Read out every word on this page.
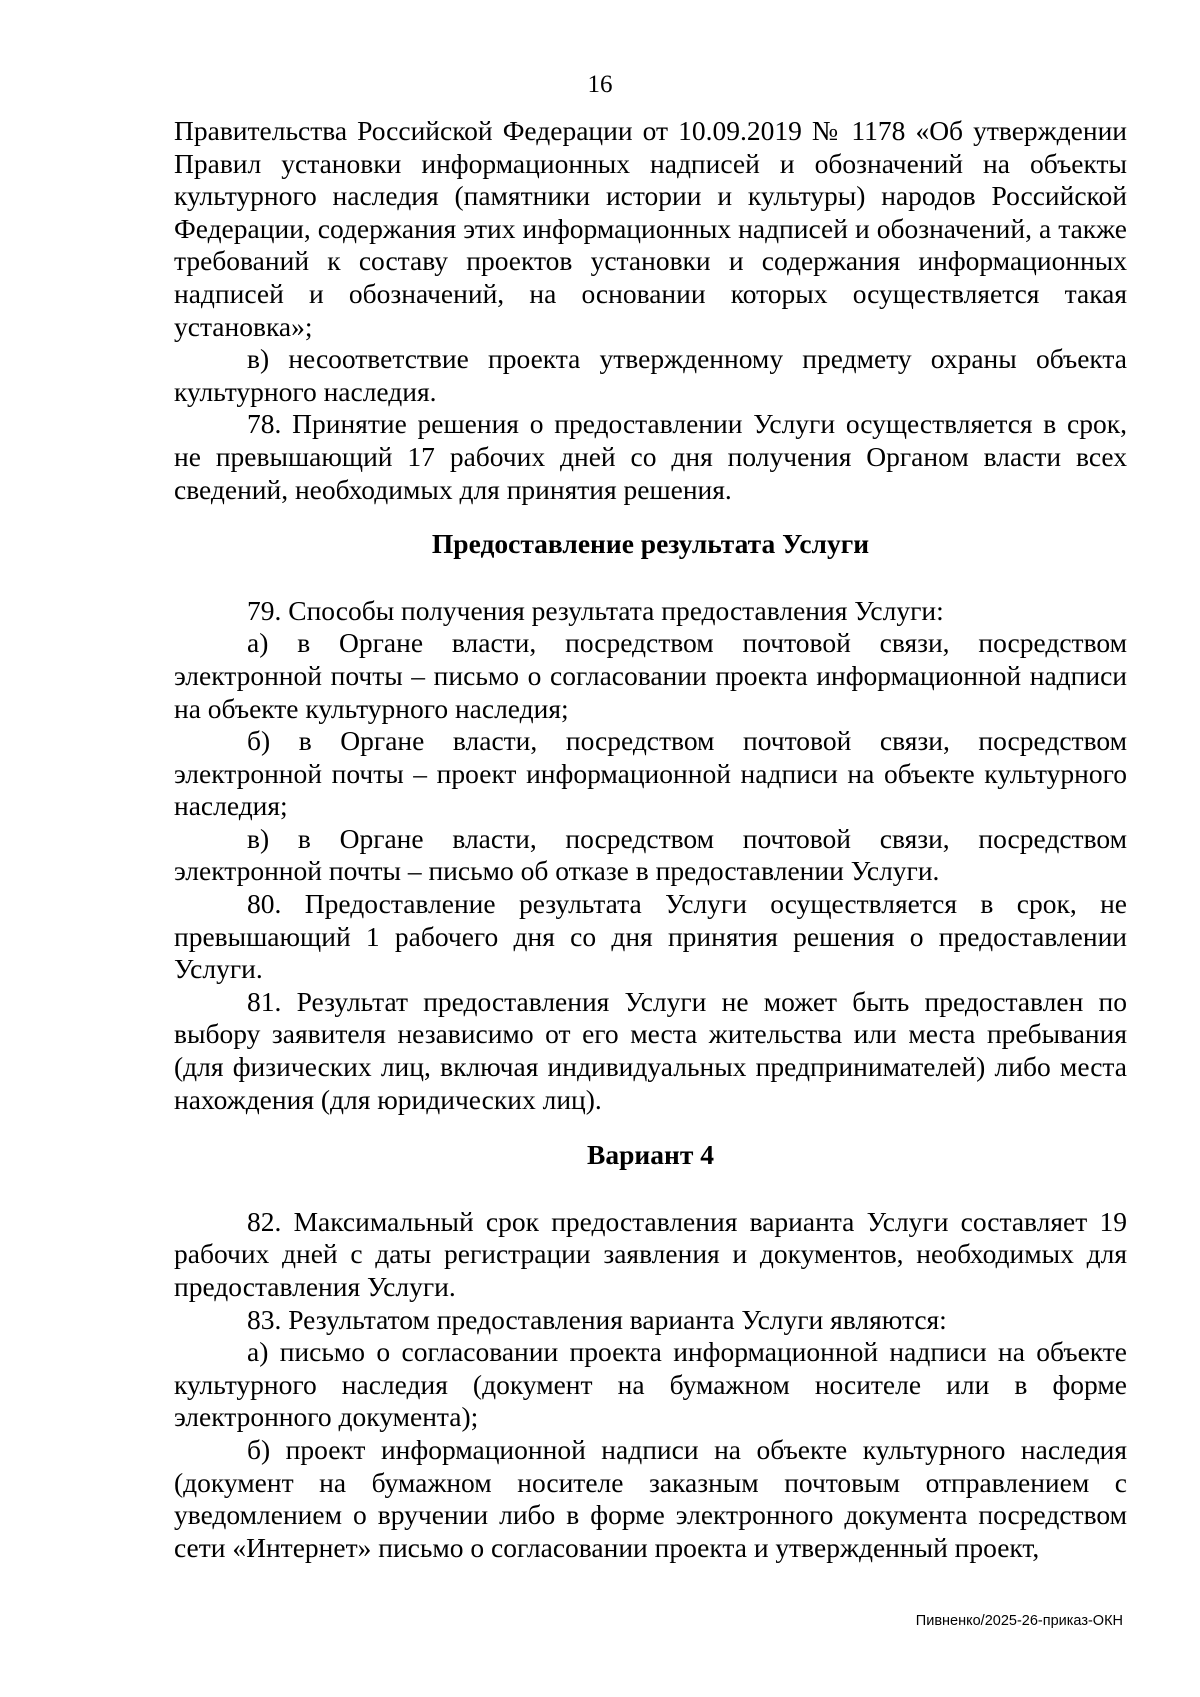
16

Правительства Российской Федерации от 10.09.2019 № 1178 «Об утверждении Правил установки информационных надписей и обозначений на объекты культурного наследия (памятники истории и культуры) народов Российской Федерации, содержания этих информационных надписей и обозначений, а также требований к составу проектов установки и содержания информационных надписей и обозначений, на основании которых осуществляется такая установка»;

в) несоответствие проекта утвержденному предмету охраны объекта культурного наследия.

78. Принятие решения о предоставлении Услуги осуществляется в срок, не превышающий 17 рабочих дней со дня получения Органом власти всех сведений, необходимых для принятия решения.

Предоставление результата Услуги

79. Способы получения результата предоставления Услуги:

а) в Органе власти, посредством почтовой связи, посредством электронной почты – письмо о согласовании проекта информационной надписи на объекте культурного наследия;

б) в Органе власти, посредством почтовой связи, посредством электронной почты – проект информационной надписи на объекте культурного наследия;

в) в Органе власти, посредством почтовой связи, посредством электронной почты – письмо об отказе в предоставлении Услуги.

80. Предоставление результата Услуги осуществляется в срок, не превышающий 1 рабочего дня со дня принятия решения о предоставлении Услуги.

81. Результат предоставления Услуги не может быть предоставлен по выбору заявителя независимо от его места жительства или места пребывания (для физических лиц, включая индивидуальных предпринимателей) либо места нахождения (для юридических лиц).

Вариант 4

82. Максимальный срок предоставления варианта Услуги составляет 19 рабочих дней с даты регистрации заявления и документов, необходимых для предоставления Услуги.

83. Результатом предоставления варианта Услуги являются:

а) письмо о согласовании проекта информационной надписи на объекте культурного наследия (документ на бумажном носителе или в форме электронного документа);

б) проект информационной надписи на объекте культурного наследия (документ на бумажном носителе заказным почтовым отправлением с уведомлением о вручении либо в форме электронного документа посредством сети «Интернет» письмо о согласовании проекта и утвержденный проект,

Пивненко/2025-26-приказ-ОКН
